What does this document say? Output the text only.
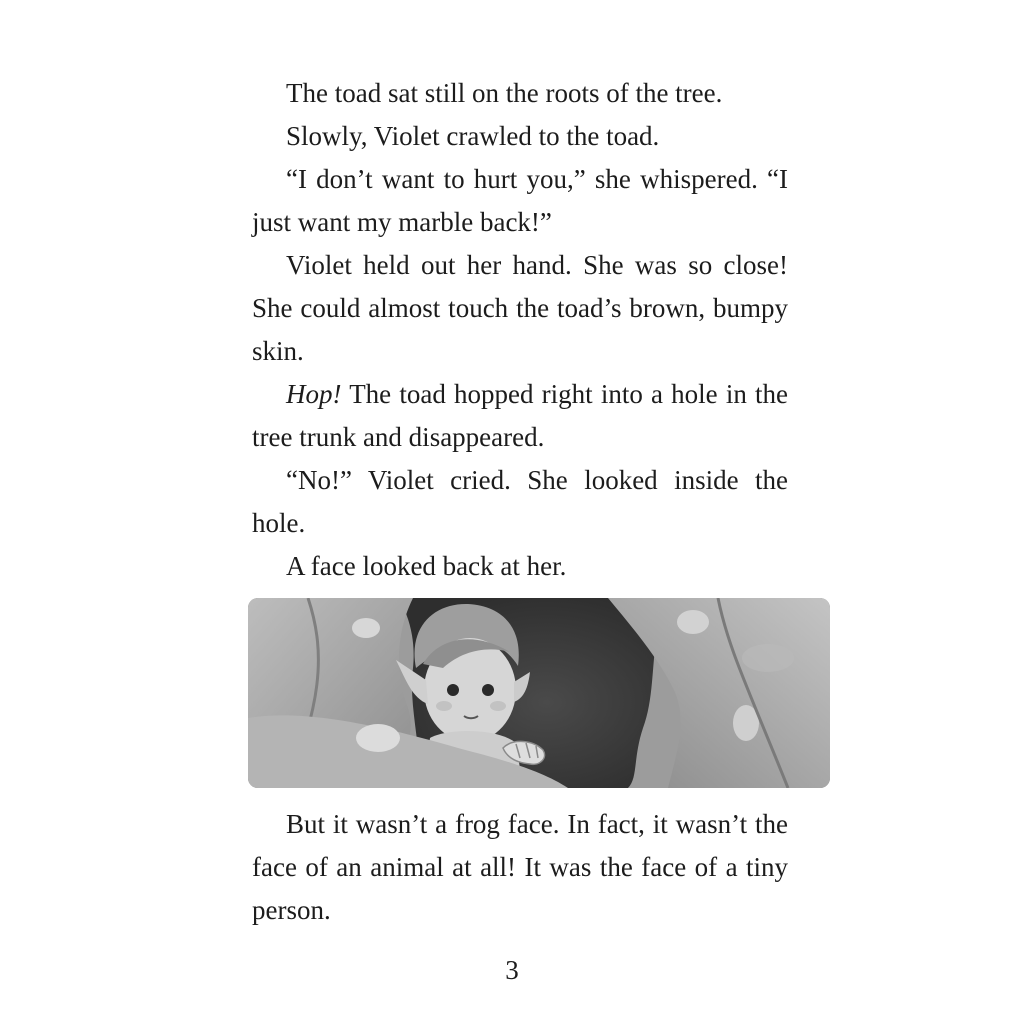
The toad sat still on the roots of the tree.

Slowly, Violet crawled to the toad.

“I don’t want to hurt you,” she whispered. “I just want my marble back!”

Violet held out her hand. She was so close! She could almost touch the toad’s brown, bumpy skin.

Hop! The toad hopped right into a hole in the tree trunk and disappeared.

“No!” Violet cried. She looked inside the hole.

A face looked back at her.

But it wasn’t a frog face. In fact, it wasn’t the face of an animal at all! It was the face of a tiny person.

3
